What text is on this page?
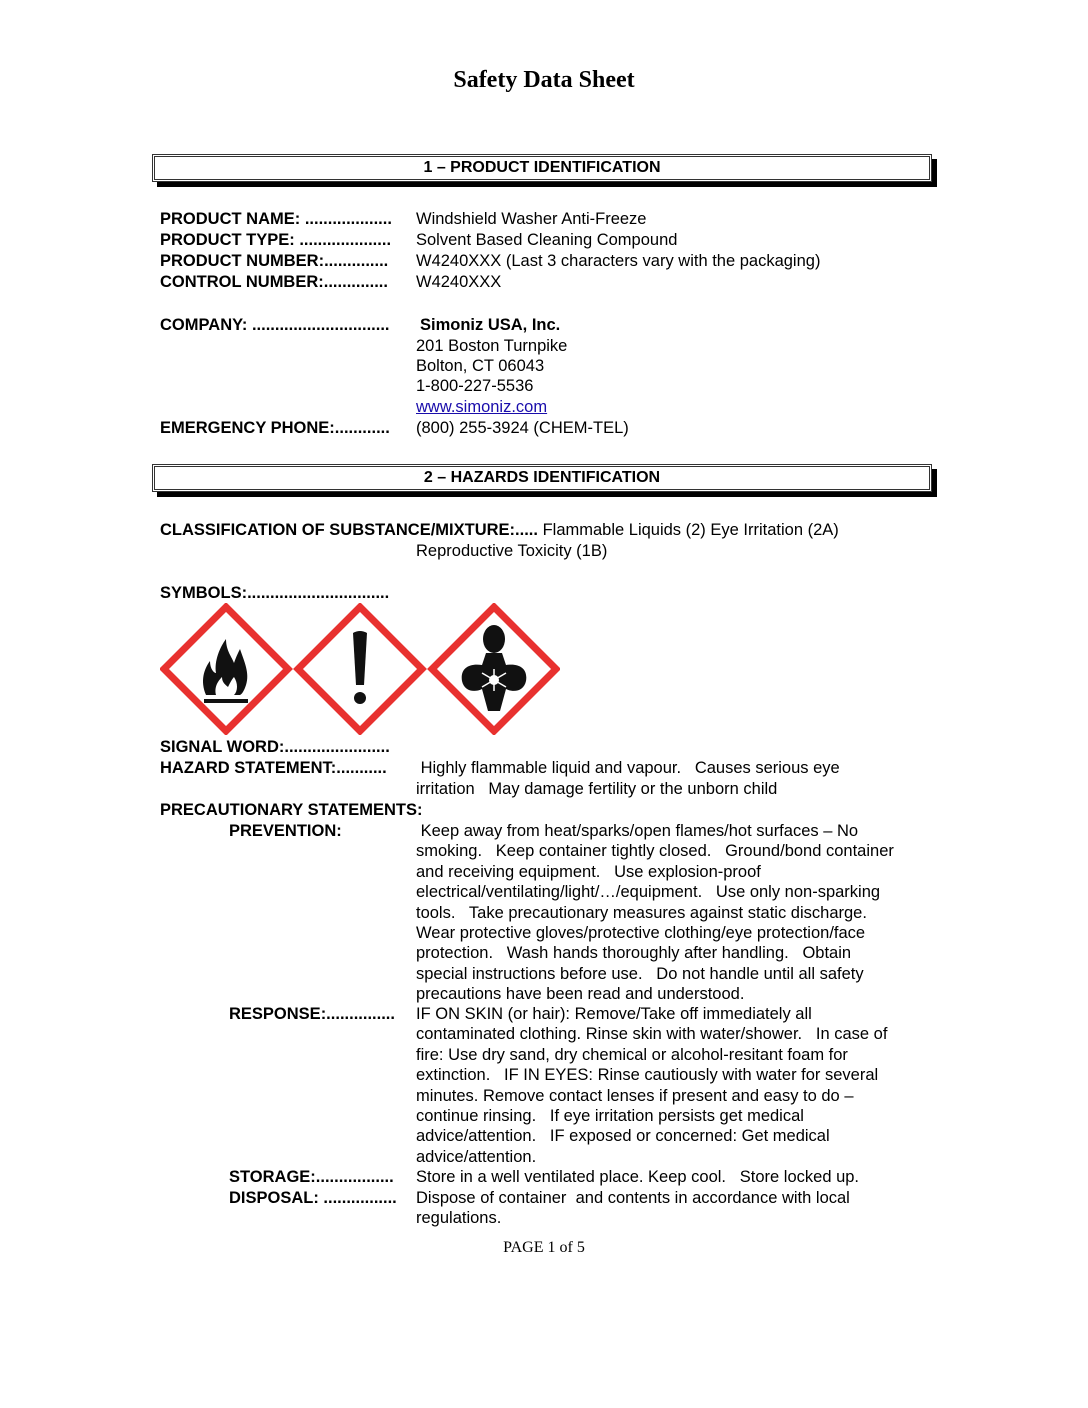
Safety Data Sheet
1 – PRODUCT IDENTIFICATION
PRODUCT NAME: ................... Windshield Washer Anti-Freeze
PRODUCT TYPE: .................... Solvent Based Cleaning Compound
PRODUCT NUMBER:.............. W4240XXX (Last 3 characters vary with the packaging)
CONTROL NUMBER:.............. W4240XXX
COMPANY: .............................. Simoniz USA, Inc.
201 Boston Turnpike
Bolton, CT 06043
1-800-227-5536
www.simoniz.com
EMERGENCY PHONE:............ (800) 255-3924 (CHEM-TEL)
2 – HAZARDS IDENTIFICATION
CLASSIFICATION OF SUBSTANCE/MIXTURE:..... Flammable Liquids (2) Eye Irritation (2A)
Reproductive Toxicity (1B)
SYMBOLS:...............................
SIGNAL WORD:.......................
HAZARD STATEMENT:........... Highly flammable liquid and vapour.   Causes serious eye
irritation   May damage fertility or the unborn child
PRECAUTIONARY STATEMENTS:
PREVENTION:	Keep away from heat/sparks/open flames/hot surfaces – No
smoking.   Keep container tightly closed.   Ground/bond container
and receiving equipment.   Use explosion-proof
electrical/ventilating/light/…/equipment.   Use only non-sparking
tools.   Take precautionary measures against static discharge.
Wear protective gloves/protective clothing/eye protection/face
protection.   Wash hands thoroughly after handling.   Obtain
special instructions before use.   Do not handle until all safety
precautions have been read and understood.
RESPONSE:............... IF ON SKIN (or hair): Remove/Take off immediately all
contaminated clothing. Rinse skin with water/shower.   In case of
fire: Use dry sand, dry chemical or alcohol-resitant foam for
extinction.   IF IN EYES: Rinse cautiously with water for several
minutes. Remove contact lenses if present and easy to do –
continue rinsing.   If eye irritation persists get medical
advice/attention.   IF exposed or concerned: Get medical
advice/attention.
STORAGE:................. Store in a well ventilated place. Keep cool.   Store locked up.
DISPOSAL: ................ Dispose of container  and contents in accordance with local
regulations.
PAGE 1 of 5
